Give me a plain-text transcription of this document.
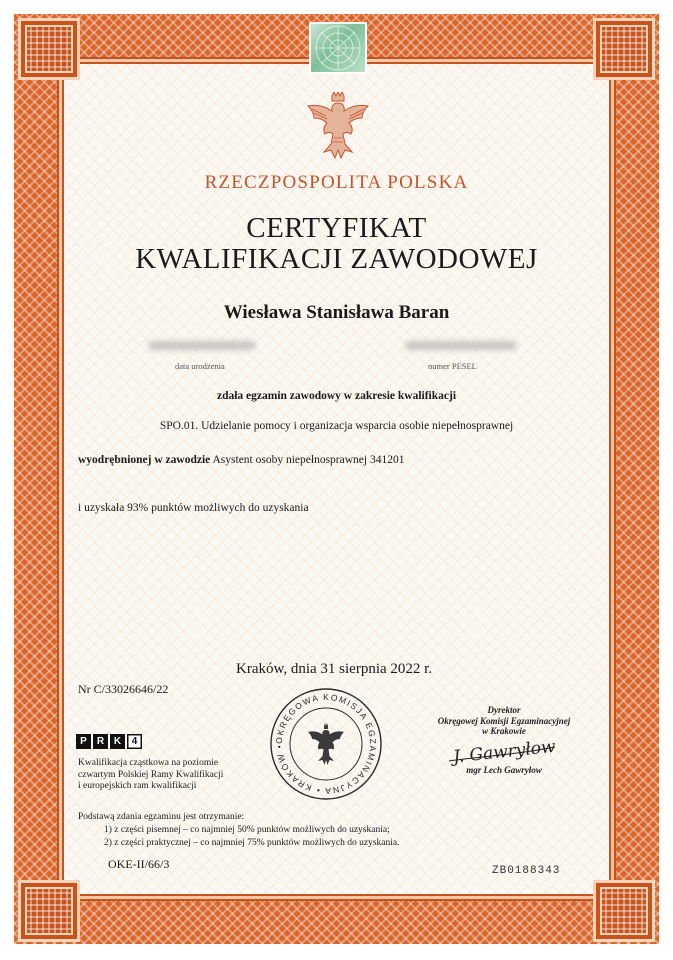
RZECZPOSPOLITA POLSKA
CERTYFIKAT
KWALIFIKACJI ZAWODOWEJ
Wiesława Stanisława Baran
data urodzenia	numer PESEL
zdała egzamin zawodowy w zakresie kwalifikacji
SPO.01. Udzielanie pomocy i organizacja wsparcia osobie niepełnosprawnej
wyodrębnionej w zawodzie Asystent osoby niepełnosprawnej 341201
i uzyskała 93% punktów możliwych do uzyskania
Kraków, dnia 31 sierpnia 2022 r.
Nr C/33026646/22
P	R K	4
Kwalifikacja cząstkowa na poziomie
czwartym Polskiej Ramy Kwalifikacji
i europejskich ram kwalifikacji
Podstawą zdania egzaminu jest otrzymanie:
1) z części pisemnej – co najmniej 50% punktów możliwych do uzyskania;
2) z części praktycznej – co najmniej 75% punktów możliwych do uzyskania.
OKE-II/66/3
OKRĘGOWA KOMISJA EGZAMINACYJNA • KRAKÓW •
Dyrektor
Okręgowej Komisji Egzaminacyjnej
w Krakowie
J. Gawryłow
mgr Lech Gawryłow
ZB0188343
